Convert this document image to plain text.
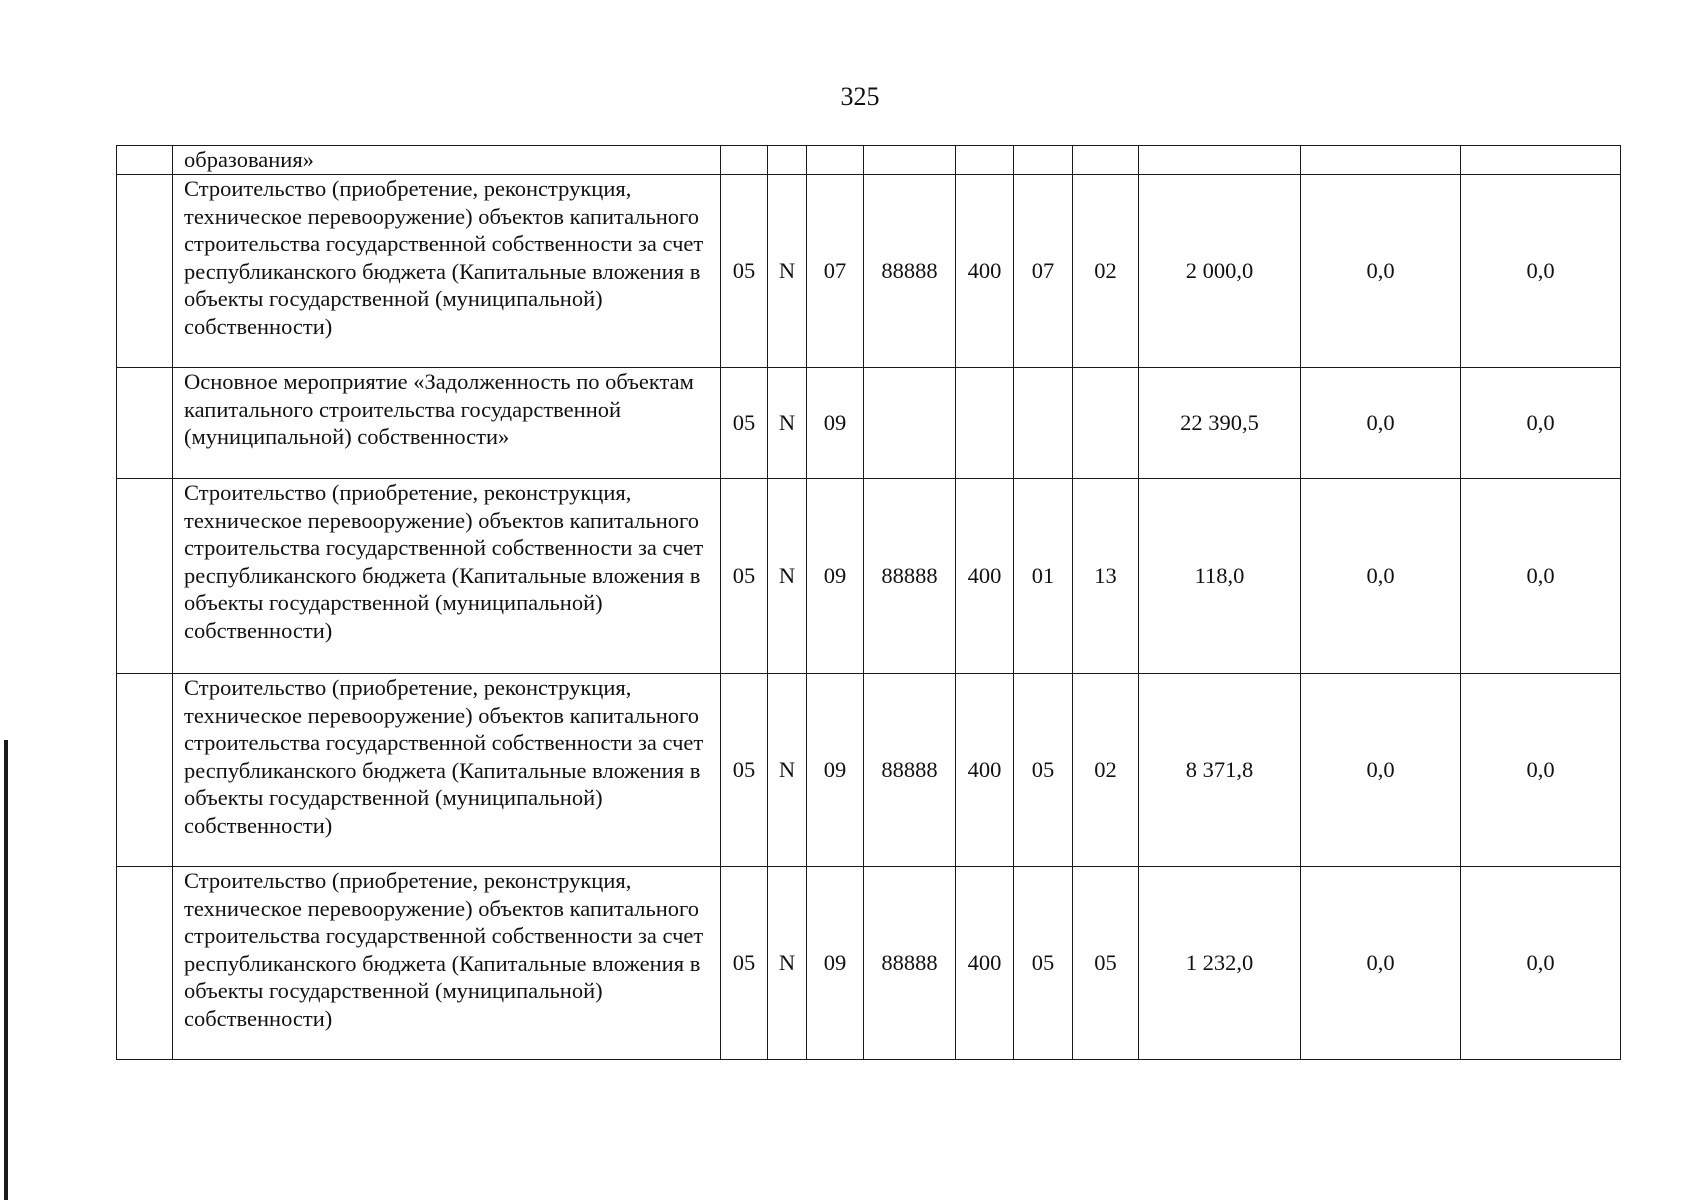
325
	образования»										
	Строительство (приобретение, реконструкция, техническое перевооружение) объектов капитального строительства государственной собственности за счет республиканского бюджета (Капитальные вложения в объекты государственной (муниципальной) собственности)	05	N	07	88888	400	07	02	2 000,0	0,0	0,0
	Основное мероприятие «Задолженность по объектам капитального строительства государственной (муниципальной) собственности»	05	N	09					22 390,5	0,0	0,0
	Строительство (приобретение, реконструкция, техническое перевооружение) объектов капитального строительства государственной собственности за счет республиканского бюджета (Капитальные вложения в объекты государственной (муниципальной) собственности)	05	N	09	88888	400	01	13	118,0	0,0	0,0
	Строительство (приобретение, реконструкция, техническое перевооружение) объектов капитального строительства государственной собственности за счет республиканского бюджета (Капитальные вложения в объекты государственной (муниципальной) собственности)	05	N	09	88888	400	05	02	8 371,8	0,0	0,0
	Строительство (приобретение, реконструкция, техническое перевооружение) объектов капитального строительства государственной собственности за счет республиканского бюджета (Капитальные вложения в объекты государственной (муниципальной) собственности)	05	N	09	88888	400	05	05	1 232,0	0,0	0,0
